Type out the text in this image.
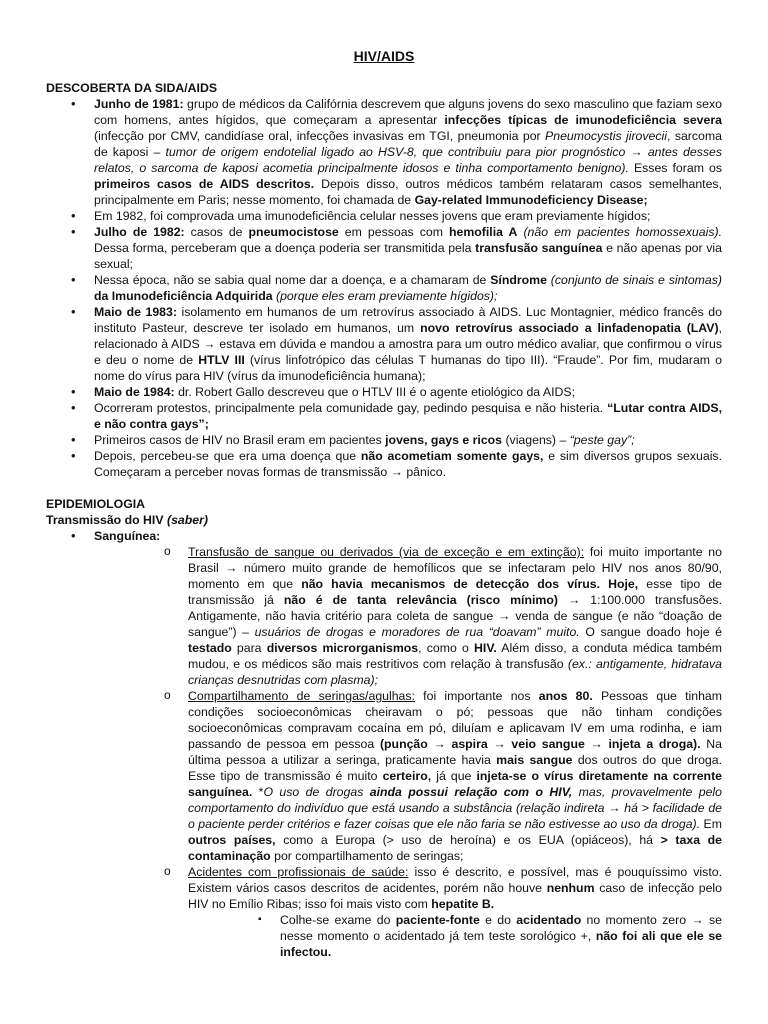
HIV/AIDS

DESCOBERTA DA SIDA/AIDS

• Junho de 1981: grupo de médicos da Califórnia descrevem que alguns jovens do sexo masculino que faziam sexo com homens, antes hígidos, que começaram a apresentar infecções típicas de imunodeficiência severa (infecção por CMV, candidíase oral, infecções invasivas em TGI, pneumonia por Pneumocystis jirovecii, sarcoma de kaposi – tumor de origem endotelial ligado ao HSV-8, que contribuiu para pior prognóstico → antes desses relatos, o sarcoma de kaposi acometia principalmente idosos e tinha comportamento benigno). Esses foram os primeiros casos de AIDS descritos. Depois disso, outros médicos também relataram casos semelhantes, principalmente em Paris; nesse momento, foi chamada de Gay-related Immunodeficiency Disease;
• Em 1982, foi comprovada uma imunodeficiência celular nesses jovens que eram previamente hígidos;
• Julho de 1982: casos de pneumocistose em pessoas com hemofilia A (não em pacientes homossexuais). Dessa forma, perceberam que a doença poderia ser transmitida pela transfusão sanguínea e não apenas por via sexual;
• Nessa época, não se sabia qual nome dar a doença, e a chamaram de Síndrome (conjunto de sinais e sintomas) da Imunodeficiência Adquirida (porque eles eram previamente hígidos);
• Maio de 1983: isolamento em humanos de um retrovírus associado à AIDS. Luc Montagnier, médico francês do instituto Pasteur, descreve ter isolado em humanos, um novo retrovírus associado a linfadenopatia (LAV), relacionado à AIDS → estava em dúvida e mandou a amostra para um outro médico avaliar, que confirmou o vírus e deu o nome de HTLV III (vírus linfotrópico das células T humanas do tipo III). “Fraude”. Por fim, mudaram o nome do vírus para HIV (vírus da imunodeficiência humana);
• Maio de 1984: dr. Robert Gallo descreveu que o HTLV III é o agente etiológico da AIDS;
• Ocorreram protestos, principalmente pela comunidade gay, pedindo pesquisa e não histeria. “Lutar contra AIDS, e não contra gays”;
• Primeiros casos de HIV no Brasil eram em pacientes jovens, gays e ricos (viagens) – “peste gay”;
• Depois, percebeu-se que era uma doença que não acometiam somente gays, e sim diversos grupos sexuais. Começaram a perceber novas formas de transmissão → pânico.

EPIDEMIOLOGIA

Transmissão do HIV (saber)

• Sanguínea:
o Transfusão de sangue ou derivados (via de exceção e em extinção): foi muito importante no Brasil → número muito grande de hemofílicos que se infectaram pelo HIV nos anos 80/90, momento em que não havia mecanismos de detecção dos vírus. Hoje, esse tipo de transmissão já não é de tanta relevância (risco mínimo) → 1:100.000 transfusões. Antigamente, não havia critério para coleta de sangue → venda de sangue (e não “doação de sangue”) – usuários de drogas e moradores de rua “doavam” muito. O sangue doado hoje é testado para diversos microrganismos, como o HIV. Além disso, a conduta médica também mudou, e os médicos são mais restritivos com relação à transfusão (ex.: antigamente, hidratava crianças desnutridas com plasma);
o Compartilhamento de seringas/agulhas: foi importante nos anos 80. Pessoas que tinham condições socioeconômicas cheiravam o pó; pessoas que não tinham condições socioeconômicas compravam cocaína em pó, diluíam e aplicavam IV em uma rodinha, e iam passando de pessoa em pessoa (punção → aspira → veio sangue → injeta a droga). Na última pessoa a utilizar a seringa, praticamente havia mais sangue dos outros do que droga. Esse tipo de transmissão é muito certeiro, já que injeta-se o vírus diretamente na corrente sanguínea. *O uso de drogas ainda possui relação com o HIV, mas, provavelmente pelo comportamento do indivíduo que está usando a substância (relação indireta → há > facilidade de o paciente perder critérios e fazer coisas que ele não faria se não estivesse ao uso da droga). Em outros países, como a Europa (> uso de heroína) e os EUA (opiáceos), há > taxa de contaminação por compartilhamento de seringas;
o Acidentes com profissionais de saúde: isso é descrito, e possível, mas é pouquíssimo visto. Existem vários casos descritos de acidentes, porém não houve nenhum caso de infecção pelo HIV no Emílio Ribas; isso foi mais visto com hepatite B.
▪ Colhe-se exame do paciente-fonte e do acidentado no momento zero → se nesse momento o acidentado já tem teste sorológico +, não foi ali que ele se infectou.
